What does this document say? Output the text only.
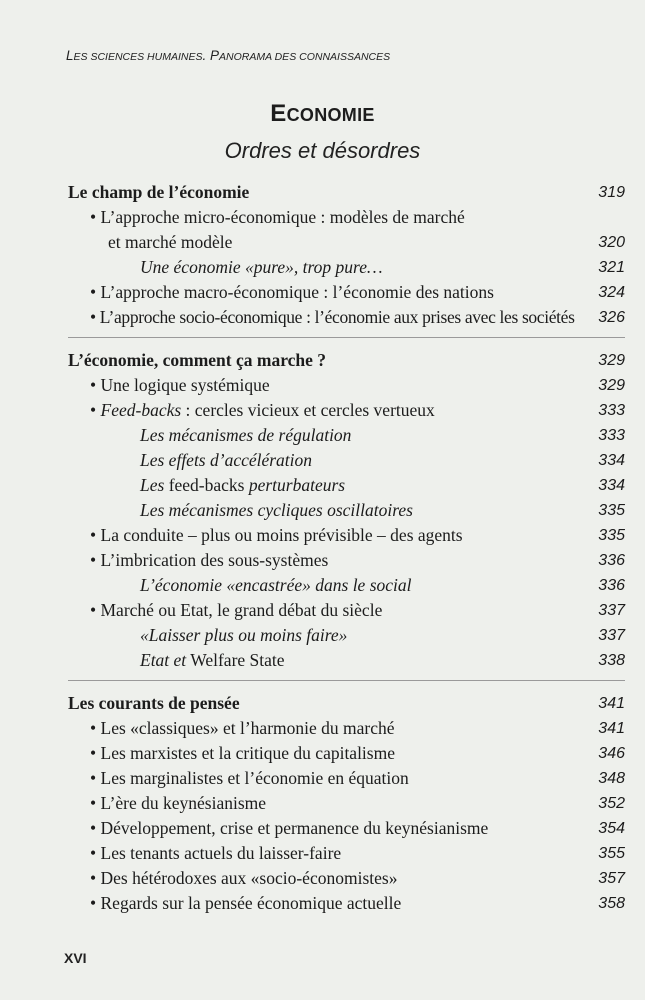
LES SCIENCES HUMAINES. PANORAMA DES CONNAISSANCES
ECONOMIE
Ordres et désordres
Le champ de l’économie	319
• L’approche micro-économique : modèles de marché
et marché modèle	320
Une économie «pure», trop pure…	321
• L’approche macro-économique : l’économie des nations	324
• L’approche socio-économique : l’économie aux prises avec les sociétés 326
L’économie, comment ça marche ?	329
• Une logique systémique	329
• Feed-backs : cercles vicieux et cercles vertueux	333
Les mécanismes de régulation	333
Les effets d’accélération	334
Les feed-backs perturbateurs	334
Les mécanismes cycliques oscillatoires	335
• La conduite – plus ou moins prévisible – des agents	335
• L’imbrication des sous-systèmes	336
L’économie «encastrée» dans le social	336
• Marché ou Etat, le grand débat du siècle	337
«Laisser plus ou moins faire»	337
Etat et Welfare State	338
Les courants de pensée	341
• Les «classiques» et l’harmonie du marché	341
• Les marxistes et la critique du capitalisme	346
• Les marginalistes et l’économie en équation	348
• L’ère du keynésianisme	352
• Développement, crise et permanence du keynésianisme	354
• Les tenants actuels du laisser-faire	355
• Des hétérodoxes aux «socio-économistes»	357
• Regards sur la pensée économique actuelle	358
XVI
